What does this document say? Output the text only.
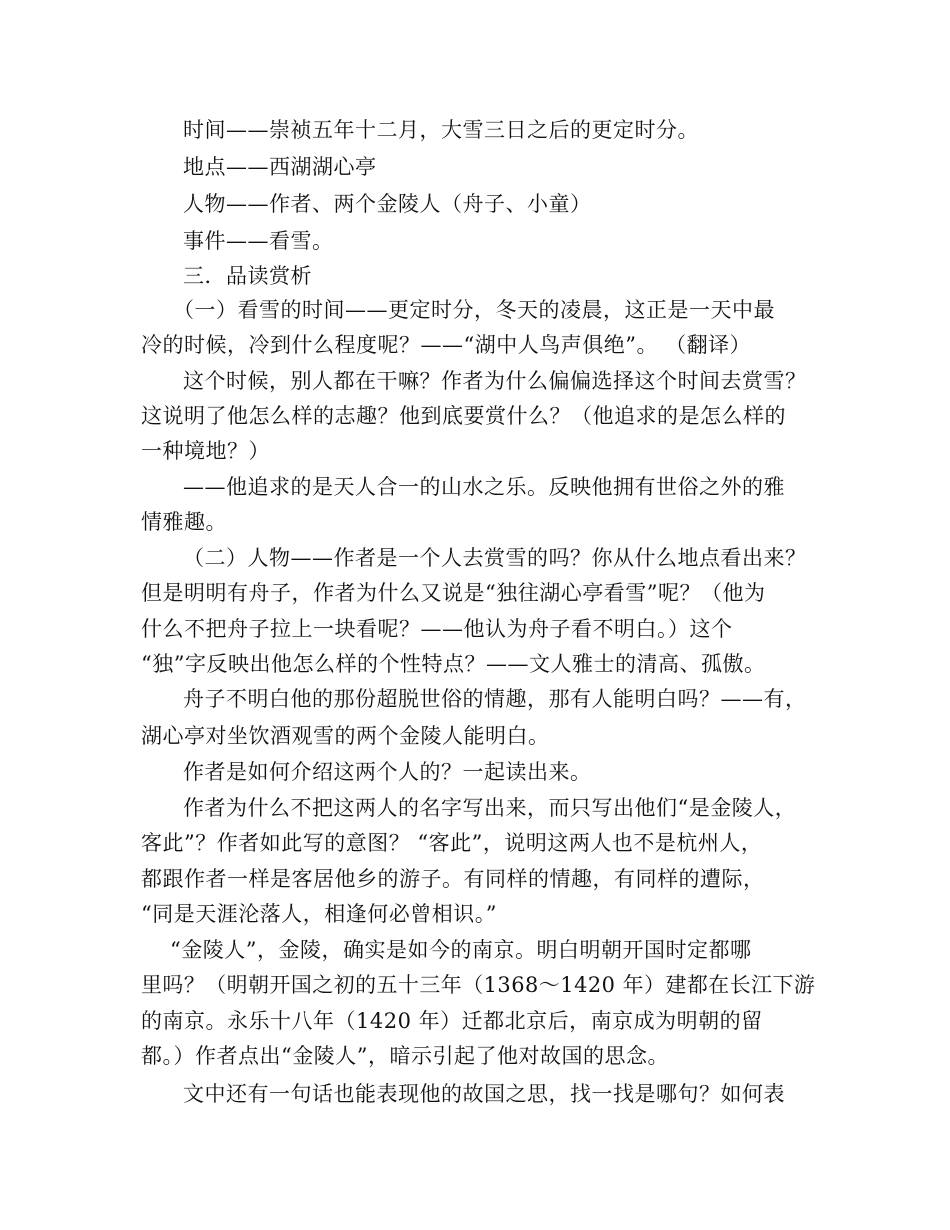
时间——崇祯五年十二月，大雪三日之后的更定时分。
地点——西湖湖心亭
人物——作者、两个金陵人（舟子、小童）
事件——看雪。
三．品读赏析
（一）看雪的时间——更定时分，冬天的凌晨，这正是一天中最
冷的时候，冷到什么程度呢？——“湖中人鸟声俱绝”。 （翻译）
这个时候，别人都在干嘛？作者为什么偏偏选择这个时间去赏雪？
这说明了他怎么样的志趣？他到底要赏什么？（他追求的是怎么样的
一种境地？）
——他追求的是天人合一的山水之乐。反映他拥有世俗之外的雅
情雅趣。
（二）人物——作者是一个人去赏雪的吗？你从什么地点看出来？
但是明明有舟子，作者为什么又说是“独往湖心亭看雪”呢？（他为
什么不把舟子拉上一块看呢？——他认为舟子看不明白。）这个
“独”字反映出他怎么样的个性特点？——文人雅士的清高、孤傲。
舟子不明白他的那份超脱世俗的情趣，那有人能明白吗？——有，
湖心亭对坐饮酒观雪的两个金陵人能明白。
作者是如何介绍这两个人的？一起读出来。
作者为什么不把这两人的名字写出来，而只写出他们“是金陵人，
客此”？作者如此写的意图？ “客此”，说明这两人也不是杭州人，
都跟作者一样是客居他乡的游子。有同样的情趣，有同样的遭际，
“同是天涯沦落人，相逢何必曾相识。”
“金陵人”，金陵，确实是如今的南京。明白明朝开国时定都哪
里吗？（明朝开国之初的五十三年（1368～1420 年）建都在长江下游
的南京。永乐十八年（1420 年）迁都北京后，南京成为明朝的留
都。）作者点出“金陵人”，暗示引起了他对故国的思念。
文中还有一句话也能表现他的故国之思，找一找是哪句？如何表
